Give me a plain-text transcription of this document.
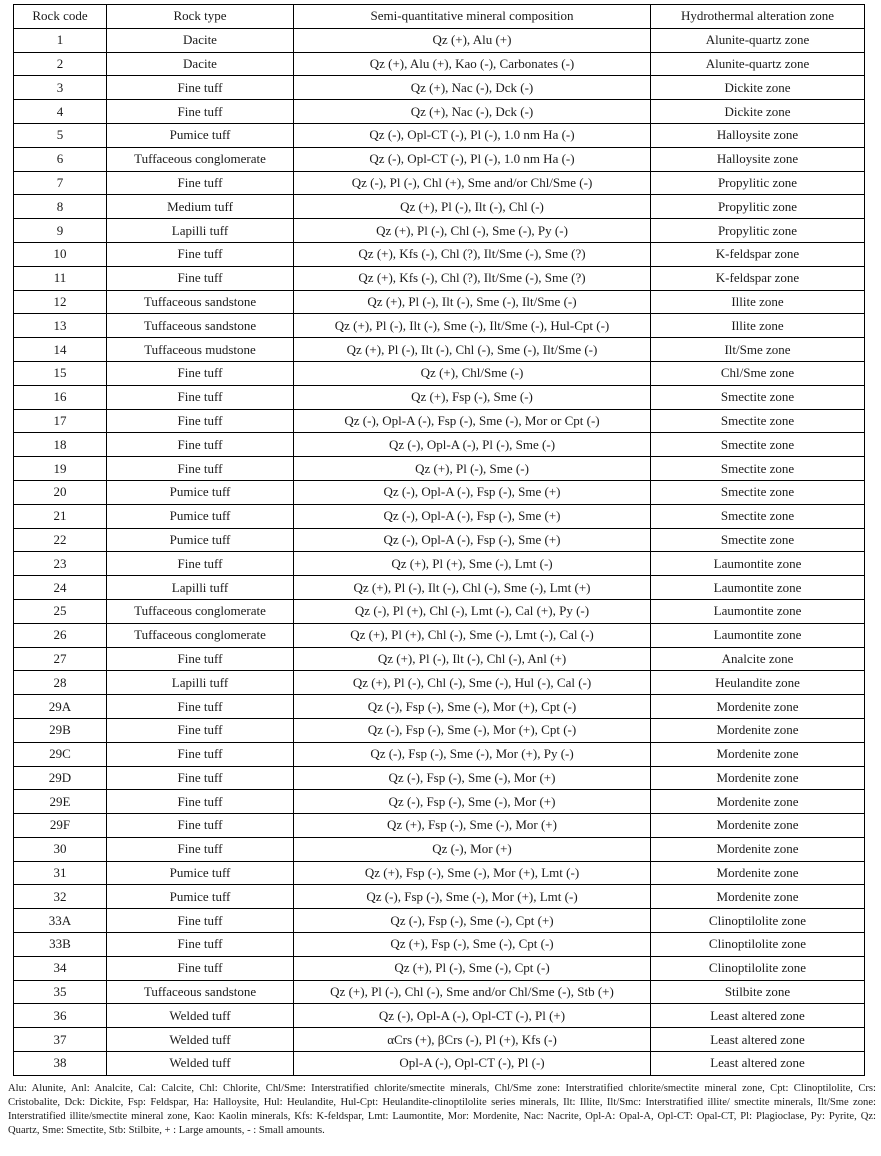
Rock code	Rock type	Semi-quantitative mineral composition	Hydrothermal alteration zone
1	Dacite	Qz (+), Alu (+)	Alunite-quartz zone
2	Dacite	Qz (+), Alu (+), Kao (-), Carbonates (-)	Alunite-quartz zone
3	Fine tuff	Qz (+), Nac (-), Dck (-)	Dickite zone
4	Fine tuff	Qz (+), Nac (-), Dck (-)	Dickite zone
5	Pumice tuff	Qz (-), Opl-CT (-), Pl (-), 1.0 nm Ha (-)	Halloysite zone
6	Tuffaceous conglomerate	Qz (-), Opl-CT (-), Pl (-), 1.0 nm Ha (-)	Halloysite zone
7	Fine tuff	Qz (-), Pl (-), Chl (+), Sme and/or Chl/Sme (-)	Propylitic zone
8	Medium tuff	Qz (+), Pl (-), Ilt (-), Chl (-)	Propylitic zone
9	Lapilli tuff	Qz (+), Pl (-), Chl (-), Sme (-), Py (-)	Propylitic zone
10	Fine tuff	Qz (+), Kfs (-), Chl (?), Ilt/Sme (-), Sme (?)	K-feldspar zone
11	Fine tuff	Qz (+), Kfs (-), Chl (?), Ilt/Sme (-), Sme (?)	K-feldspar zone
12	Tuffaceous sandstone	Qz (+), Pl (-), Ilt (-), Sme (-), Ilt/Sme (-)	Illite zone
13	Tuffaceous sandstone	Qz (+), Pl (-), Ilt (-), Sme (-), Ilt/Sme (-), Hul-Cpt (-)	Illite zone
14	Tuffaceous mudstone	Qz (+), Pl (-), Ilt (-), Chl (-), Sme (-), Ilt/Sme (-)	Ilt/Sme zone
15	Fine tuff	Qz (+), Chl/Sme (-)	Chl/Sme zone
16	Fine tuff	Qz (+), Fsp (-), Sme (-)	Smectite zone
17	Fine tuff	Qz (-), Opl-A (-), Fsp (-), Sme (-), Mor or Cpt (-)	Smectite zone
18	Fine tuff	Qz (-), Opl-A (-), Pl (-), Sme (-)	Smectite zone
19	Fine tuff	Qz (+), Pl (-), Sme (-)	Smectite zone
20	Pumice tuff	Qz (-), Opl-A (-), Fsp (-), Sme (+)	Smectite zone
21	Pumice tuff	Qz (-), Opl-A (-), Fsp (-), Sme (+)	Smectite zone
22	Pumice tuff	Qz (-), Opl-A (-), Fsp (-), Sme (+)	Smectite zone
23	Fine tuff	Qz (+), Pl (+), Sme (-), Lmt (-)	Laumontite zone
24	Lapilli tuff	Qz (+), Pl (-), Ilt (-), Chl (-), Sme (-), Lmt (+)	Laumontite zone
25	Tuffaceous conglomerate	Qz (-), Pl (+), Chl (-), Lmt (-), Cal (+), Py (-)	Laumontite zone
26	Tuffaceous conglomerate	Qz (+), Pl (+), Chl (-), Sme (-), Lmt (-), Cal (-)	Laumontite zone
27	Fine tuff	Qz (+), Pl (-), Ilt (-), Chl (-), Anl (+)	Analcite zone
28	Lapilli tuff	Qz (+), Pl (-), Chl (-), Sme (-), Hul (-), Cal (-)	Heulandite zone
29A	Fine tuff	Qz (-), Fsp (-), Sme (-), Mor (+), Cpt (-)	Mordenite zone
29B	Fine tuff	Qz (-), Fsp (-), Sme (-), Mor (+), Cpt (-)	Mordenite zone
29C	Fine tuff	Qz (-), Fsp (-), Sme (-), Mor (+), Py (-)	Mordenite zone
29D	Fine tuff	Qz (-), Fsp (-), Sme (-), Mor (+)	Mordenite zone
29E	Fine tuff	Qz (-), Fsp (-), Sme (-), Mor (+)	Mordenite zone
29F	Fine tuff	Qz (+), Fsp (-), Sme (-), Mor (+)	Mordenite zone
30	Fine tuff	Qz (-), Mor (+)	Mordenite zone
31	Pumice tuff	Qz (+), Fsp (-), Sme (-), Mor (+), Lmt (-)	Mordenite zone
32	Pumice tuff	Qz (-), Fsp (-), Sme (-), Mor (+), Lmt (-)	Mordenite zone
33A	Fine tuff	Qz (-), Fsp (-), Sme (-), Cpt (+)	Clinoptilolite zone
33B	Fine tuff	Qz (+), Fsp (-), Sme (-), Cpt (-)	Clinoptilolite zone
34	Fine tuff	Qz (+), Pl (-), Sme (-), Cpt (-)	Clinoptilolite zone
35	Tuffaceous sandstone	Qz (+), Pl (-), Chl (-), Sme and/or Chl/Sme (-), Stb (+)	Stilbite zone
36	Welded tuff	Qz (-), Opl-A (-), Opl-CT (-), Pl (+)	Least altered zone
37	Welded tuff	αCrs (+), βCrs (-), Pl (+), Kfs (-)	Least altered zone
38	Welded tuff	Opl-A (-), Opl-CT (-), Pl (-)	Least altered zone
Alu: Alunite, Anl: Analcite, Cal: Calcite, Chl: Chlorite, Chl/Sme: Interstratified chlorite/smectite minerals, Chl/Sme zone: Interstratified chlorite/smectite mineral zone, Cpt: Clinoptilolite, Crs: Cristobalite, Dck: Dickite, Fsp: Feldspar, Ha: Halloysite, Hul: Heulandite, Hul-Cpt: Heulandite-clinoptilolite series minerals, Ilt: Illite, Ilt/Smc: Interstratified illite/ smectite minerals, Ilt/Sme zone: Interstratified illite/smectite mineral zone, Kao: Kaolin minerals, Kfs: K-feldspar, Lmt: Laumontite, Mor: Mordenite, Nac: Nacrite, Opl-A: Opal-A, Opl-CT: Opal-CT, Pl: Plagioclase, Py: Pyrite, Qz: Quartz, Sme: Smectite, Stb: Stilbite, + : Large amounts, - : Small amounts.
